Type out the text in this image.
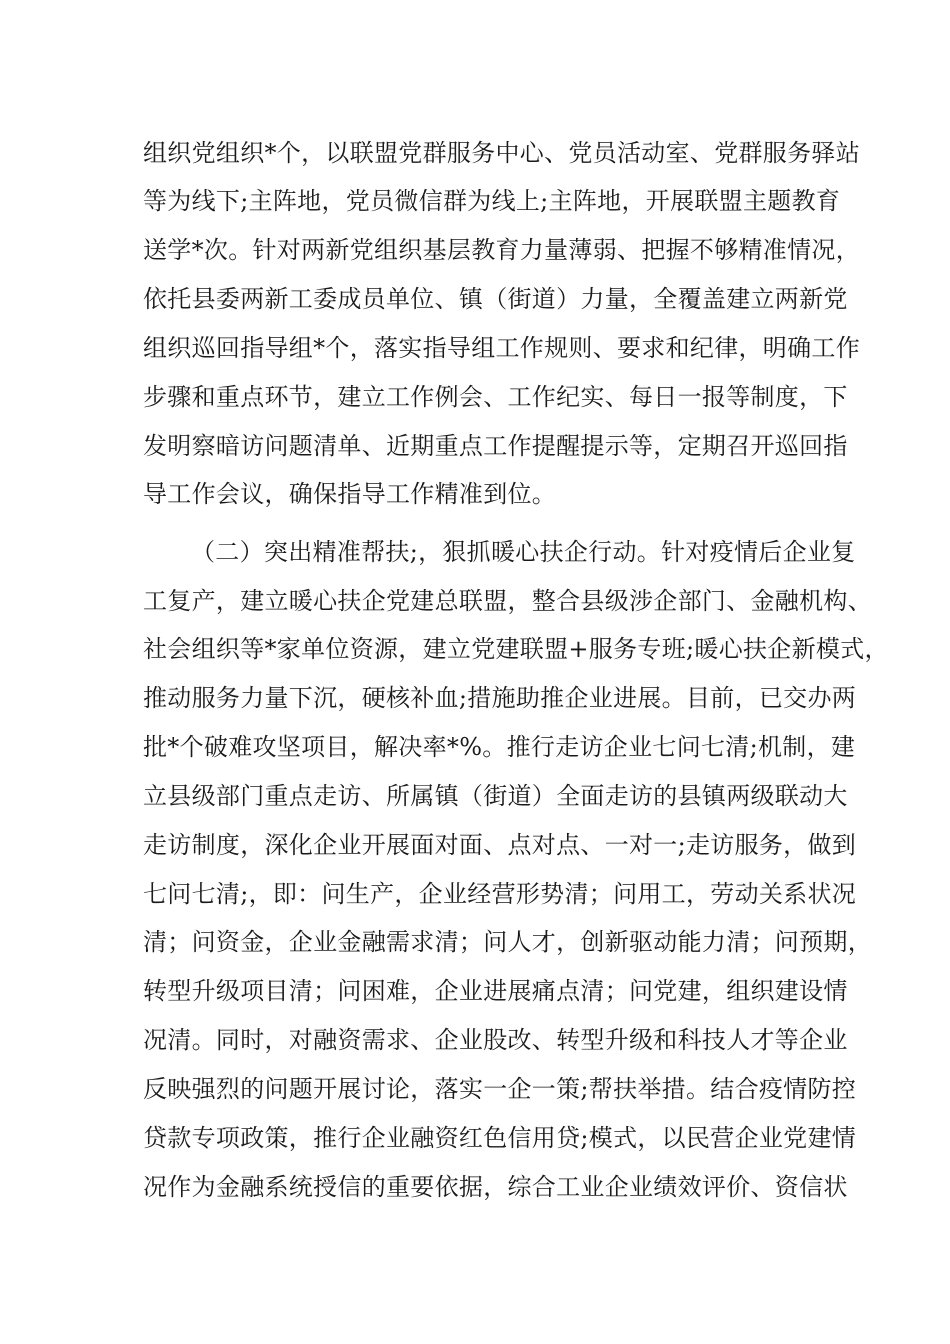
组织党组织*个，以联盟党群服务中心、党员活动室、党群服务驿站
等为线下;主阵地，党员微信群为线上;主阵地，开展联盟主题教育
送学*次。针对两新党组织基层教育力量薄弱、把握不够精准情况，
依托县委两新工委成员单位、镇（街道）力量，全覆盖建立两新党
组织巡回指导组*个，落实指导组工作规则、要求和纪律，明确工作
步骤和重点环节，建立工作例会、工作纪实、每日一报等制度，下
发明察暗访问题清单、近期重点工作提醒提示等，定期召开巡回指
导工作会议，确保指导工作精准到位。
（二）突出精准帮扶;，狠抓暖心扶企行动。针对疫情后企业复
工复产，建立暖心扶企党建总联盟，整合县级涉企部门、金融机构、
社会组织等*家单位资源，建立党建联盟+服务专班;暖心扶企新模式，
推动服务力量下沉，硬核补血;措施助推企业进展。目前，已交办两
批*个破难攻坚项目，解决率*%。推行走访企业七问七清;机制，建
立县级部门重点走访、所属镇（街道）全面走访的县镇两级联动大
走访制度，深化企业开展面对面、点对点、一对一;走访服务，做到
七问七清;，即：问生产，企业经营形势清；问用工，劳动关系状况
清；问资金，企业金融需求清；问人才，创新驱动能力清；问预期，
转型升级项目清；问困难，企业进展痛点清；问党建，组织建设情
况清。同时，对融资需求、企业股改、转型升级和科技人才等企业
反映强烈的问题开展讨论，落实一企一策;帮扶举措。结合疫情防控
贷款专项政策，推行企业融资红色信用贷;模式，以民营企业党建情
况作为金融系统授信的重要依据，综合工业企业绩效评价、资信状
